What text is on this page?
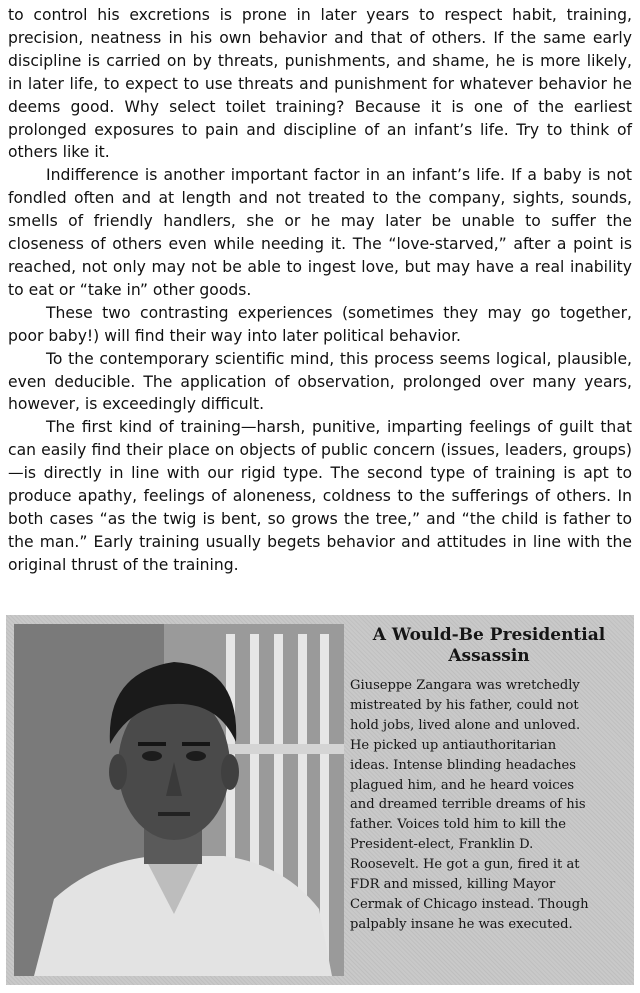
to control his excretions is prone in later years to respect habit, training, precision, neatness in his own behavior and that of others. If the same early discipline is carried on by threats, punishments, and shame, he is more likely, in later life, to expect to use threats and punishment for whatever behavior he deems good. Why select toilet training? Because it is one of the earliest prolonged exposures to pain and discipline of an infant’s life. Try to think of others like it.

Indifference is another important factor in an infant’s life. If a baby is not fondled often and at length and not treated to the company, sights, sounds, smells of friendly handlers, she or he may later be unable to suffer the closeness of others even while needing it. The “love-starved,” after a point is reached, not only may not be able to ingest love, but may have a real inability to eat or “take in” other goods.

These two contrasting experiences (sometimes they may go together, poor baby!) will find their way into later political behavior.

To the contemporary scientific mind, this process seems logical, plausible, even deducible. The application of observation, prolonged over many years, however, is exceedingly difficult.

The first kind of training—harsh, punitive, imparting feelings of guilt that can easily find their place on objects of public concern (issues, leaders, groups)—is directly in line with our rigid type. The second type of training is apt to produce apathy, feelings of aloneness, coldness to the sufferings of others. In both cases “as the twig is bent, so grows the tree,” and “the child is father to the man.” Early training usually begets behavior and attitudes in line with the original thrust of the training.

A Would-Be Presidential
Assassin
Giuseppe Zangara was wretchedly
mistreated by his father, could not
hold jobs, lived alone and unloved.
He picked up antiauthoritarian
ideas. Intense blinding headaches
plagued him, and he heard voices
and dreamed terrible dreams of his
father. Voices told him to kill the
President-elect, Franklin D.
Roosevelt. He got a gun, fired it at
FDR and missed, killing Mayor
Cermak of Chicago instead. Though
palpably insane he was executed.
